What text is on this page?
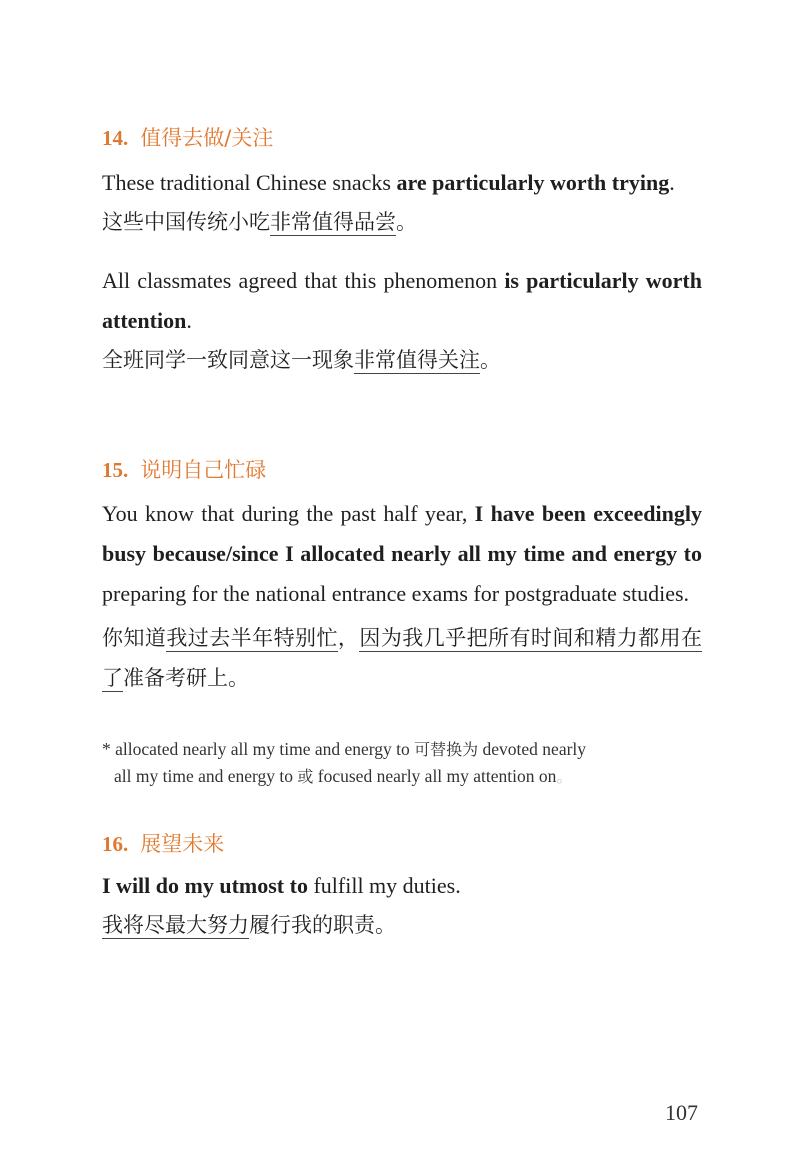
14. 值得去做/关注
These traditional Chinese snacks are particularly worth trying.
这些中国传统小吃非常值得品尝。
All classmates agreed that this phenomenon is particularly worth attention.
全班同学一致同意这一现象非常值得关注。
15. 说明自己忙碌
You know that during the past half year, I have been exceedingly busy because/since I allocated nearly all my time and energy to preparing for the national entrance exams for postgraduate studies.
你知道我过去半年特别忙，因为我几乎把所有时间和精力都用在了准备考研上。
* allocated nearly all my time and energy to 可替换为 devoted nearly
all my time and energy to 或 focused nearly all my attention on。
16. 展望未来
I will do my utmost to fulfill my duties.
我将尽最大努力履行我的职责。
107
